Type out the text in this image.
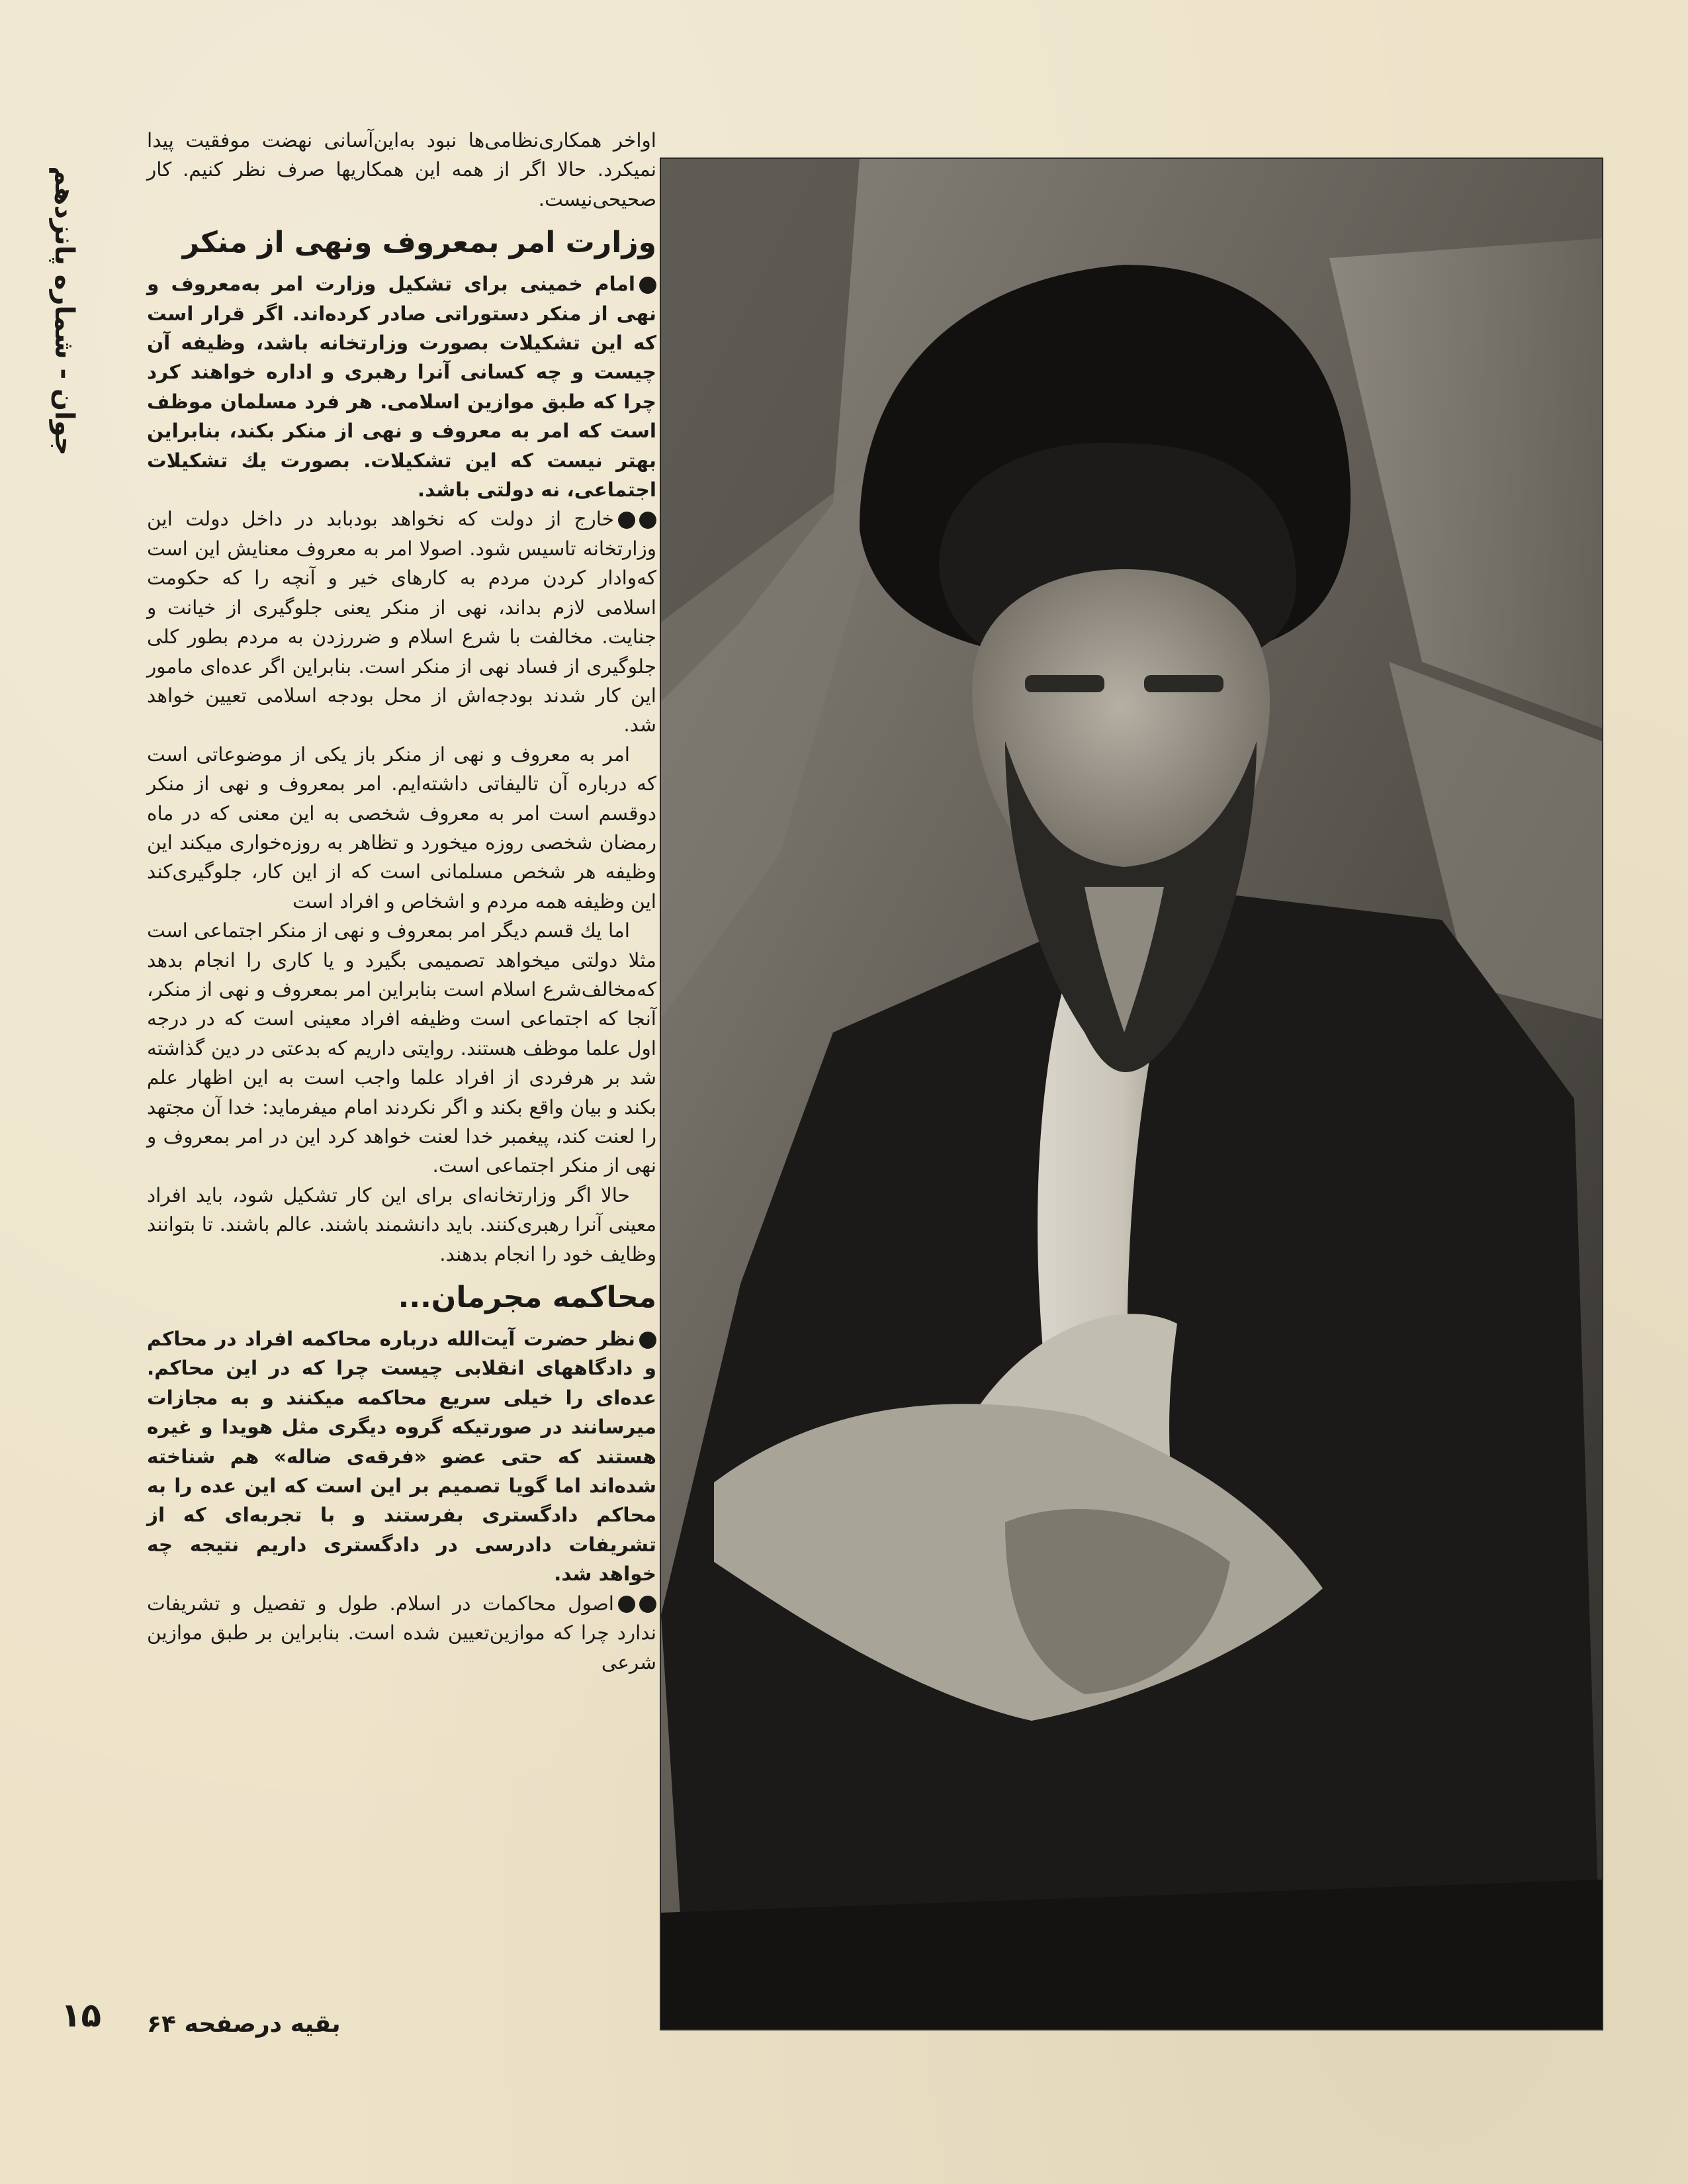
جوان - شماره پانزدهم

اواخر همکاری‌نظامی‌ها نبود به‌این‌آسانی نهضت موفقیت پیدا نمیکرد. حالا اگر از همه این همکاریها صرف نظر کنیم. کار صحیحی‌نیست.

وزارت امر بمعروف ونهی از منکر

امام خمینی برای تشکیل وزارت امر به‌معروف و نهی از منکر دستوراتی صادر کرده‌اند. اگر قرار است که این تشکیلات بصورت وزارتخانه باشد، وظیفه آن چیست و چه کسانی آنرا رهبری و اداره خواهند کرد چرا که طبق موازین اسلامی. هر فرد مسلمان موظف است که امر به معروف و نهی از منکر بکند، بنابراین بهتر نیست که این تشکیلات. بصورت یك تشکیلات اجتماعی، نه دولتی باشد.

خارج از دولت که نخواهد بودبابد در داخل دولت این وزارتخانه تاسیس شود. اصولا امر به معروف معنایش این است که‌وادار کردن مردم به کارهای خیر و آنچه را که حکومت اسلامی لازم بداند، نهی از منکر یعنی جلوگیری از خیانت و جنایت. مخالفت با شرع اسلام و ضرر‌زدن به مردم بطور کلی جلوگیری از فساد نهی از منکر است. بنابراین اگر عده‌ای مامور این کار شدند بودجه‌اش از محل بودجه اسلامی تعیین خواهد شد.

امر به معروف و نهی از منکر باز یکی از موضوعاتی است که درباره آن تالیفاتی داشته‌ایم. امر بمعروف و نهی از منکر دوقسم است امر به معروف شخصی به این معنی که در ماه رمضان شخصی روزه میخورد و تظاهر به روزه‌خواری میکند این وظیفه هر شخص مسلمانی است که از این کار، جلوگیری‌کند این وظیفه همه مردم و اشخاص و افراد است

اما یك قسم دیگر امر بمعروف و نهی از منکر اجتماعی است مثلا دولتی میخواهد تصمیمی بگیرد و یا کاری را انجام بدهد که‌مخالف‌شرع اسلام است بنابراین امر بمعروف و نهی از منکر، آنجا که اجتماعی است وظیفه افراد معینی است که در درجه اول علما موظف هستند. روایتی داریم که بدعتی در دین گذاشته شد بر هرفردی از افراد علما واجب است به این اظهار علم بکند و بیان واقع بکند و اگر نکردند امام میفرماید: خدا آن مجتهد را لعنت کند، پیغمبر خدا لعنت خواهد کرد این در امر بمعروف و نهی از منکر اجتماعی است.

حالا اگر وزارتخانه‌ای برای این کار تشکیل شود، باید افراد معینی آنرا رهبری‌کنند. باید دانشمند باشند. عالم باشند. تا بتوانند وظایف خود را انجام بدهند.

محاکمه مجرمان...

نظر حضرت آیت‌الله درباره محاکمه افراد در محاکم و دادگاههای انقلابی چیست چرا که در این محاکم. عده‌ای را خیلی سریع محاکمه میکنند و به مجازات میرسانند در صورتیکه گروه دیگری مثل هویدا و غیره هستند که حتی عضو «فرقه‌ی ضاله» هم شناخته شده‌اند اما گویا تصمیم بر این است که این عده را به محاکم دادگستری بفرستند و با تجربه‌ای که از تشریفات دادرسی در دادگستری داریم نتیجه چه خواهد شد.

اصول محاکمات در اسلام. طول و تفصیل و تشریفات ندارد چرا که موازین‌تعیین شده است. بنابراین بر طبق موازین شرعی

بقیه درصفحه ۶۴
۱۵
